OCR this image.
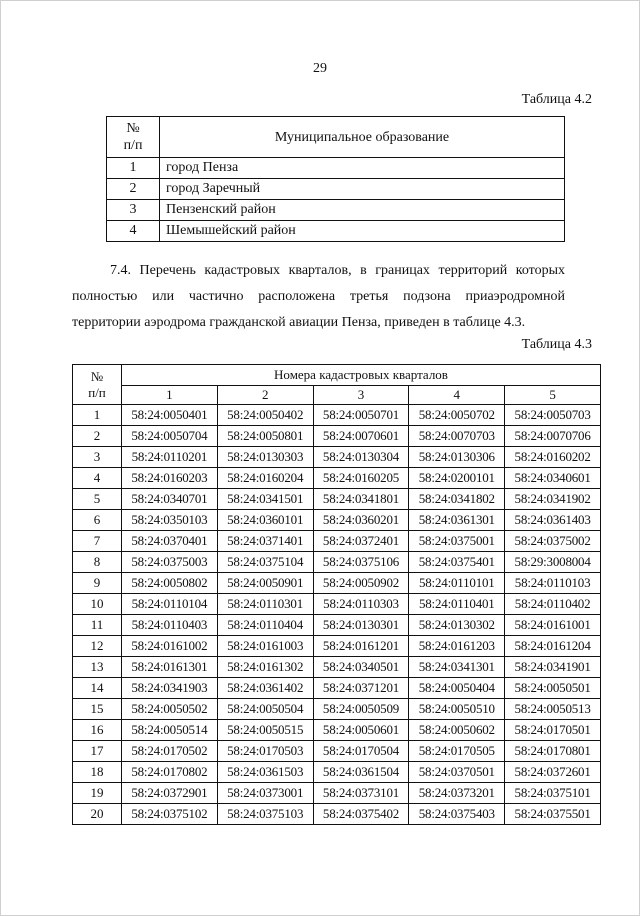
29
Таблица 4.2
№
п/п	Муниципальное образование
1	город Пенза
2	город Заречный
3	Пензенский район
4	Шемышейский район
7.4. Перечень кадастровых кварталов, в границах территорий которых полностью или частично расположена третья подзона приаэродромной территории аэродрома гражданской авиации Пенза, приведен в таблице 4.3.
Таблица 4.3
№
п/п	Номера кадастровых кварталов				
	1	2	3	4	5
1	58:24:0050401	58:24:0050402	58:24:0050701	58:24:0050702	58:24:0050703
2	58:24:0050704	58:24:0050801	58:24:0070601	58:24:0070703	58:24:0070706
3	58:24:0110201	58:24:0130303	58:24:0130304	58:24:0130306	58:24:0160202
4	58:24:0160203	58:24:0160204	58:24:0160205	58:24:0200101	58:24:0340601
5	58:24:0340701	58:24:0341501	58:24:0341801	58:24:0341802	58:24:0341902
6	58:24:0350103	58:24:0360101	58:24:0360201	58:24:0361301	58:24:0361403
7	58:24:0370401	58:24:0371401	58:24:0372401	58:24:0375001	58:24:0375002
8	58:24:0375003	58:24:0375104	58:24:0375106	58:24:0375401	58:29:3008004
9	58:24:0050802	58:24:0050901	58:24:0050902	58:24:0110101	58:24:0110103
10	58:24:0110104	58:24:0110301	58:24:0110303	58:24:0110401	58:24:0110402
11	58:24:0110403	58:24:0110404	58:24:0130301	58:24:0130302	58:24:0161001
12	58:24:0161002	58:24:0161003	58:24:0161201	58:24:0161203	58:24:0161204
13	58:24:0161301	58:24:0161302	58:24:0340501	58:24:0341301	58:24:0341901
14	58:24:0341903	58:24:0361402	58:24:0371201	58:24:0050404	58:24:0050501
15	58:24:0050502	58:24:0050504	58:24:0050509	58:24:0050510	58:24:0050513
16	58:24:0050514	58:24:0050515	58:24:0050601	58:24:0050602	58:24:0170501
17	58:24:0170502	58:24:0170503	58:24:0170504	58:24:0170505	58:24:0170801
18	58:24:0170802	58:24:0361503	58:24:0361504	58:24:0370501	58:24:0372601
19	58:24:0372901	58:24:0373001	58:24:0373101	58:24:0373201	58:24:0375101
20	58:24:0375102	58:24:0375103	58:24:0375402	58:24:0375403	58:24:0375501
